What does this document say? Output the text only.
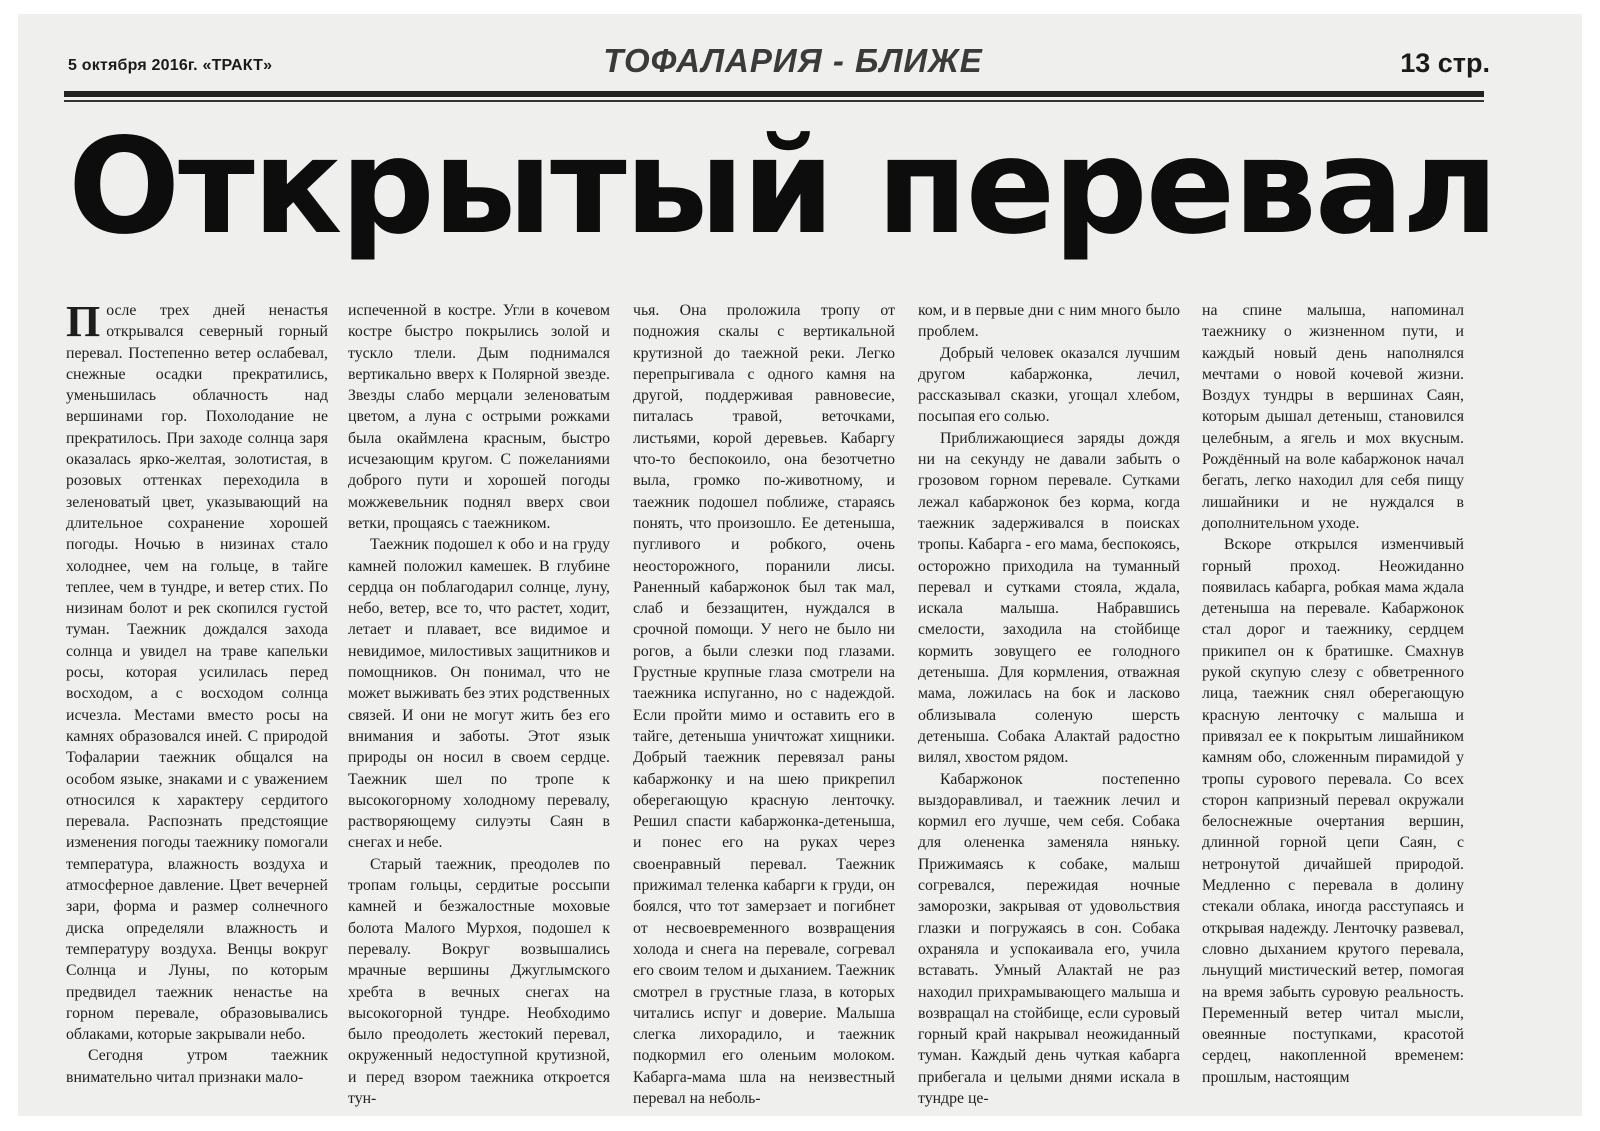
5 октября 2016г. «ТРАКТ»	ТОФАЛАРИЯ - БЛИЖЕ	13 стр.
Открытый перевал

После трех дней ненастья открывался северный горный перевал. Постепенно ветер ослабевал, снежные осадки прекратились, уменьшилась облачность над вершинами гор. Похолодание не прекратилось. При заходе солнца заря оказалась ярко-желтая, золотистая, в розовых оттенках переходила в зеленоватый цвет, указывающий на длительное сохранение хорошей погоды. Ночью в низинах стало холоднее, чем на гольце, в тайге теплее, чем в тундре, и ветер стих. По низинам болот и рек скопился густой туман. Таежник дождался захода солнца и увидел на траве капельки росы, которая усилилась перед восходом, а с восходом солнца исчезла. Местами вместо росы на камнях образовался иней. С природой Тофаларии таежник общался на особом языке, знаками и с уважением относился к характеру сердитого перевала. Распознать предстоящие изменения погоды таежнику помогали температура, влажность воздуха и атмосферное давление. Цвет вечерней зари, форма и размер солнечного диска определяли влажность и температуру воздуха. Венцы вокруг Солнца и Луны, по которым предвидел таежник ненастье на горном перевале, образовывались облаками, которые закрывали небо.

Сегодня утром таежник внимательно читал признаки мало-

испеченной в костре. Угли в кочевом костре быстро покрылись золой и тускло тлели. Дым поднимался вертикально вверх к Полярной звезде. Звезды слабо мерцали зеленоватым цветом, а луна с острыми рожками была окаймлена красным, быстро исчезающим кругом. С пожеланиями доброго пути и хорошей погоды можжевельник поднял вверх свои ветки, прощаясь с таежником.

Таежник подошел к обо и на груду камней положил камешек. В глубине сердца он поблагодарил солнце, луну, небо, ветер, все то, что растет, ходит, летает и плавает, все видимое и невидимое, милостивых защитников и помощников. Он понимал, что не может выживать без этих родственных связей. И они не могут жить без его внимания и заботы. Этот язык природы он носил в своем сердце. Таежник шел по тропе к высокогорному холодному перевалу, растворяющему силуэты Саян в снегах и небе.

Старый таежник, преодолев по тропам гольцы, сердитые россыпи камней и безжалостные моховые болота Малого Мурхоя, подошел к перевалу. Вокруг возвышались мрачные вершины Джуглымского хребта в вечных снегах на высокогорной тундре. Необходимо было преодолеть жестокий перевал, окруженный недоступной крутизной, и перед взором таежника откроется тун-

чья. Она проложила тропу от подножия скалы с вертикальной крутизной до таежной реки. Легко перепрыгивала с одного камня на другой, поддерживая равновесие, питалась травой, веточками, листьями, корой деревьев. Кабаргу что-то беспокоило, она безотчетно выла, громко по-животному, и таежник подошел поближе, стараясь понять, что произошло. Ее детеныша, пугливого и робкого, очень неосторожного, поранили лисы. Раненный кабаржонок был так мал, слаб и беззащитен, нуждался в срочной помощи. У него не было ни рогов, а были слезки под глазами. Грустные крупные глаза смотрели на таежника испуганно, но с надеждой. Если пройти мимо и оставить его в тайге, детеныша уничтожат хищники. Добрый таежник перевязал раны кабаржонку и на шею прикрепил оберегающую красную ленточку. Решил спасти кабаржонка-детеныша, и понес его на руках через своенравный перевал. Таежник прижимал теленка кабарги к груди, он боялся, что тот замерзает и погибнет от несвоевременного возвращения холода и снега на перевале, согревал его своим телом и дыханием. Таежник смотрел в грустные глаза, в которых читались испуг и доверие. Малыша слегка лихорадило, и таежник подкормил его оленьим молоком. Кабарга-мама шла на неизвестный перевал на неболь-

ком, и в первые дни с ним много было проблем.

Добрый человек оказался лучшим другом кабаржонка, лечил, рассказывал сказки, угощал хлебом, посыпая его солью.

Приближающиеся заряды дождя ни на секунду не давали забыть о грозовом горном перевале. Сутками лежал кабаржонок без корма, когда таежник задерживался в поисках тропы. Кабарга - его мама, беспокоясь, осторожно приходила на туманный перевал и сутками стояла, ждала, искала малыша. Набравшись смелости, заходила на стойбище кормить зовущего ее голодного детеныша. Для кормления, отважная мама, ложилась на бок и ласково облизывала соленую шерсть детеныша. Собака Алактай радостно вилял, хвостом рядом.

Кабаржонок постепенно выздоравливал, и таежник лечил и кормил его лучше, чем себя. Собака для олененка заменяла няньку. Прижимаясь к собаке, малыш согревался, пережидая ночные заморозки, закрывая от удовольствия глазки и погружаясь в сон. Собака охраняла и успокаивала его, учила вставать. Умный Алактай не раз находил прихрамывающего малыша и возвращал на стойбище, если суровый горный край накрывал неожиданный туман. Каждый день чуткая кабарга прибегала и целыми днями искала в тундре це-

на спине малыша, напоминал таежнику о жизненном пути, и каждый новый день наполнялся мечтами о новой кочевой жизни. Воздух тундры в вершинах Саян, которым дышал детеныш, становился целебным, а ягель и мох вкусным. Рождённый на воле кабаржонок начал бегать, легко находил для себя пищу лишайники и не нуждался в дополнительном уходе.

Вскоре открылся изменчивый горный проход. Неожиданно появилась кабарга, робкая мама ждала детеныша на перевале. Кабаржонок стал дорог и таежнику, сердцем прикипел он к братишке. Смахнув рукой скупую слезу с обветренного лица, таежник снял оберегающую красную ленточку с малыша и привязал ее к покрытым лишайником камням обо, сложенным пирамидой у тропы сурового перевала. Со всех сторон капризный перевал окружали белоснежные очертания вершин, длинной горной цепи Саян, с нетронутой дичайшей природой. Медленно с перевала в долину стекали облака, иногда расступаясь и открывая надежду. Ленточку развевал, словно дыханием крутого перевала, льнущий мистический ветер, помогая на время забыть суровую реальность. Переменный ветер читал мысли, овеянные поступками, красотой сердец, накопленной временем: прошлым, настоящим
